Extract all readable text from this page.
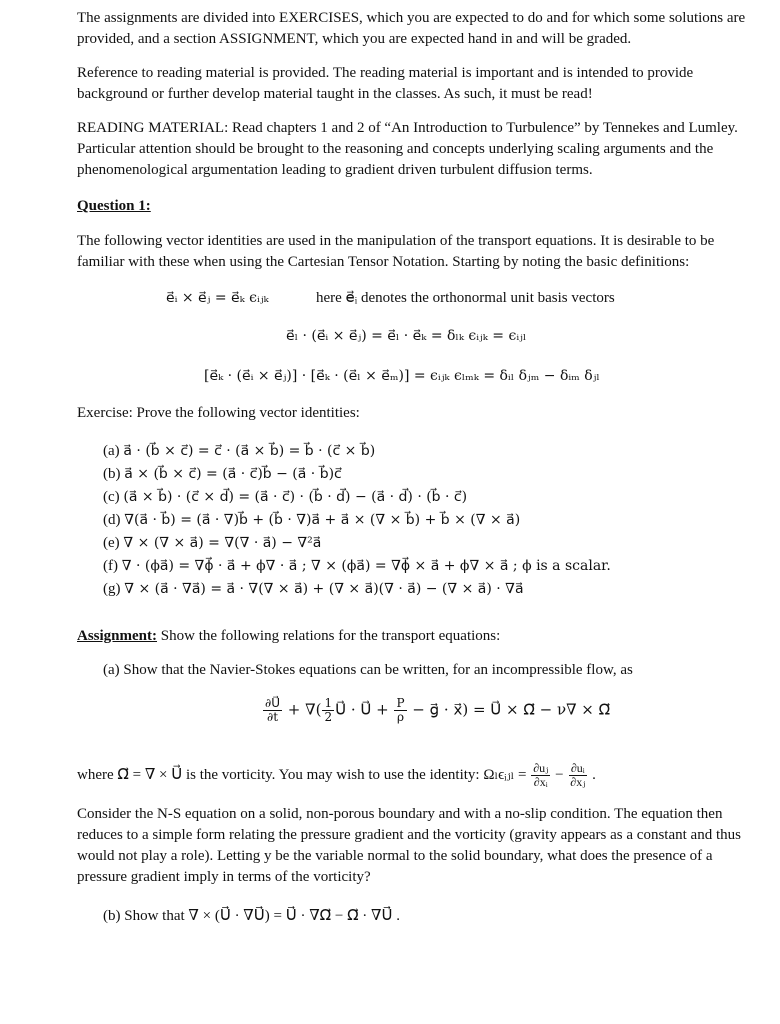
The assignments are divided into EXERCISES, which you are expected to do and for which some solutions are provided, and a section ASSIGNMENT, which you are expected hand in and will be graded.
Reference to reading material is provided. The reading material is important and is intended to provide background or further develop material taught in the classes. As such, it must be read!
READING MATERIAL: Read chapters 1 and 2 of “An Introduction to Turbulence” by Tennekes and Lumley. Particular attention should be brought to the reasoning and concepts underlying scaling arguments and the phenomenological argumentation leading to gradient driven turbulent diffusion terms.
Question 1:
The following vector identities are used in the manipulation of the transport equations. It is desirable to be familiar with these when using the Cartesian Tensor Notation. Starting by noting the basic definitions:
e⃗ᵢ × e⃗ⱼ = e⃗ₖ ϵᵢⱼₖ	here e⃗ᵢ denotes the orthonormal unit basis vectors
e⃗ₗ · (e⃗ᵢ × e⃗ⱼ) = e⃗ₗ · e⃗ₖ = δₗₖ ϵᵢⱼₖ = ϵᵢⱼₗ
[e⃗ₖ · (e⃗ᵢ × e⃗ⱼ)] · [e⃗ₖ · (e⃗ₗ × e⃗ₘ)] = ϵᵢⱼₖ ϵₗₘₖ = δᵢₗ δⱼₘ − δᵢₘ δⱼₗ
Exercise: Prove the following vector identities:
(a) a⃗ · (b⃗ × c⃗) = c⃗ · (a⃗ × b⃗) = b⃗ · (c⃗ × b⃗)
(b) a⃗ × (b⃗ × c⃗) = (a⃗ · c⃗)b⃗ − (a⃗ · b⃗)c⃗
(c) (a⃗ × b⃗) · (c⃗ × d⃗) = (a⃗ · c⃗) · (b⃗ · d⃗) − (a⃗ · d⃗) · (b⃗ · c⃗)
(d) ∇(a⃗ · b⃗) = (a⃗ · ∇)b⃗ + (b⃗ · ∇)a⃗ + a⃗ × (∇ × b⃗) + b⃗ × (∇ × a⃗)
(e) ∇ × (∇ × a⃗) = ∇(∇ · a⃗) − ∇²a⃗
(f) ∇ · (ϕa⃗) = ∇ϕ⃗ · a⃗ + ϕ∇ · a⃗ ; ∇ × (ϕa⃗) = ∇ϕ⃗ × a⃗ + ϕ∇ × a⃗ ; ϕ is a scalar.
(g) ∇ × (a⃗ · ∇a⃗) = a⃗ · ∇(∇ × a⃗) + (∇ × a⃗)(∇ · a⃗) − (∇ × a⃗) · ∇a⃗
Assignment: Show the following relations for the transport equations:
(a) Show that the Navier-Stokes equations can be written, for an incompressible flow, as
$\frac{\partial U⃗}{\partial t}$ + ∇( $\frac{1}{2}$ U⃗ · U⃗ + $\frac{P}{\rho}$ − g⃗ · x⃗) = U⃗ × Ω⃗ − ν∇ × Ω⃗
where Ω⃗ = ∇ × U⃗ is the vorticity. You may wish to use the identity: Ωₗϵᵢⱼₗ = $\frac{\text{∂uⱼ}}{\text{∂xᵢ}} - \frac{\text{∂uᵢ}}{\text{∂xⱼ}}$ .
Consider the N-S equation on a solid, non-porous boundary and with a no-slip condition. The equation then reduces to a simple form relating the pressure gradient and the vorticity (gravity appears as a constant and thus would not play a role). Letting y be the variable normal to the solid boundary, what does the presence of a pressure gradient imply in terms of the vorticity?
(b) Show that ∇ × (U⃗ · ∇U⃗) = U⃗ · ∇Ω⃗ − Ω⃗ · ∇U⃗ .
